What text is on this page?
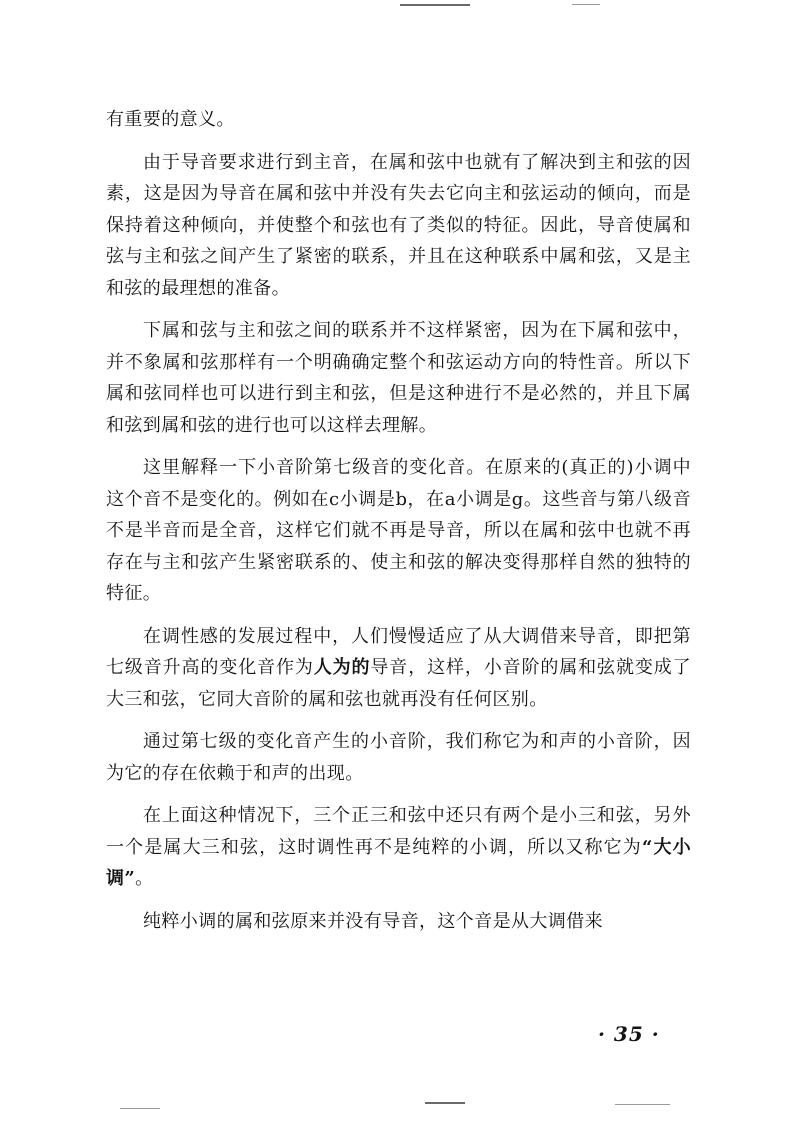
有重要的意义。

由于导音要求进行到主音，在属和弦中也就有了解决到主和弦的因素，这是因为导音在属和弦中并没有失去它向主和弦运动的倾向，而是保持着这种倾向，并使整个和弦也有了类似的特征。因此，导音使属和弦与主和弦之间产生了紧密的联系，并且在这种联系中属和弦，又是主和弦的最理想的准备。

下属和弦与主和弦之间的联系并不这样紧密，因为在下属和弦中，并不象属和弦那样有一个明确确定整个和弦运动方向的特性音。所以下属和弦同样也可以进行到主和弦，但是这种进行不是必然的，并且下属和弦到属和弦的进行也可以这样去理解。

这里解释一下小音阶第七级音的变化音。在原来的(真正的)小调中这个音不是变化的。例如在c小调是b，在a小调是g。这些音与第八级音不是半音而是全音，这样它们就不再是导音，所以在属和弦中也就不再存在与主和弦产生紧密联系的、使主和弦的解决变得那样自然的独特的特征。

在调性感的发展过程中，人们慢慢适应了从大调借来导音，即把第七级音升高的变化音作为人为的导音，这样，小音阶的属和弦就变成了大三和弦，它同大音阶的属和弦也就再没有任何区别。

通过第七级的变化音产生的小音阶，我们称它为和声的小音阶，因为它的存在依赖于和声的出现。

在上面这种情况下，三个正三和弦中还只有两个是小三和弦，另外一个是属大三和弦，这时调性再不是纯粹的小调，所以又称它为“大小调”。

纯粹小调的属和弦原来并没有导音，这个音是从大调借来

· 35 ·
